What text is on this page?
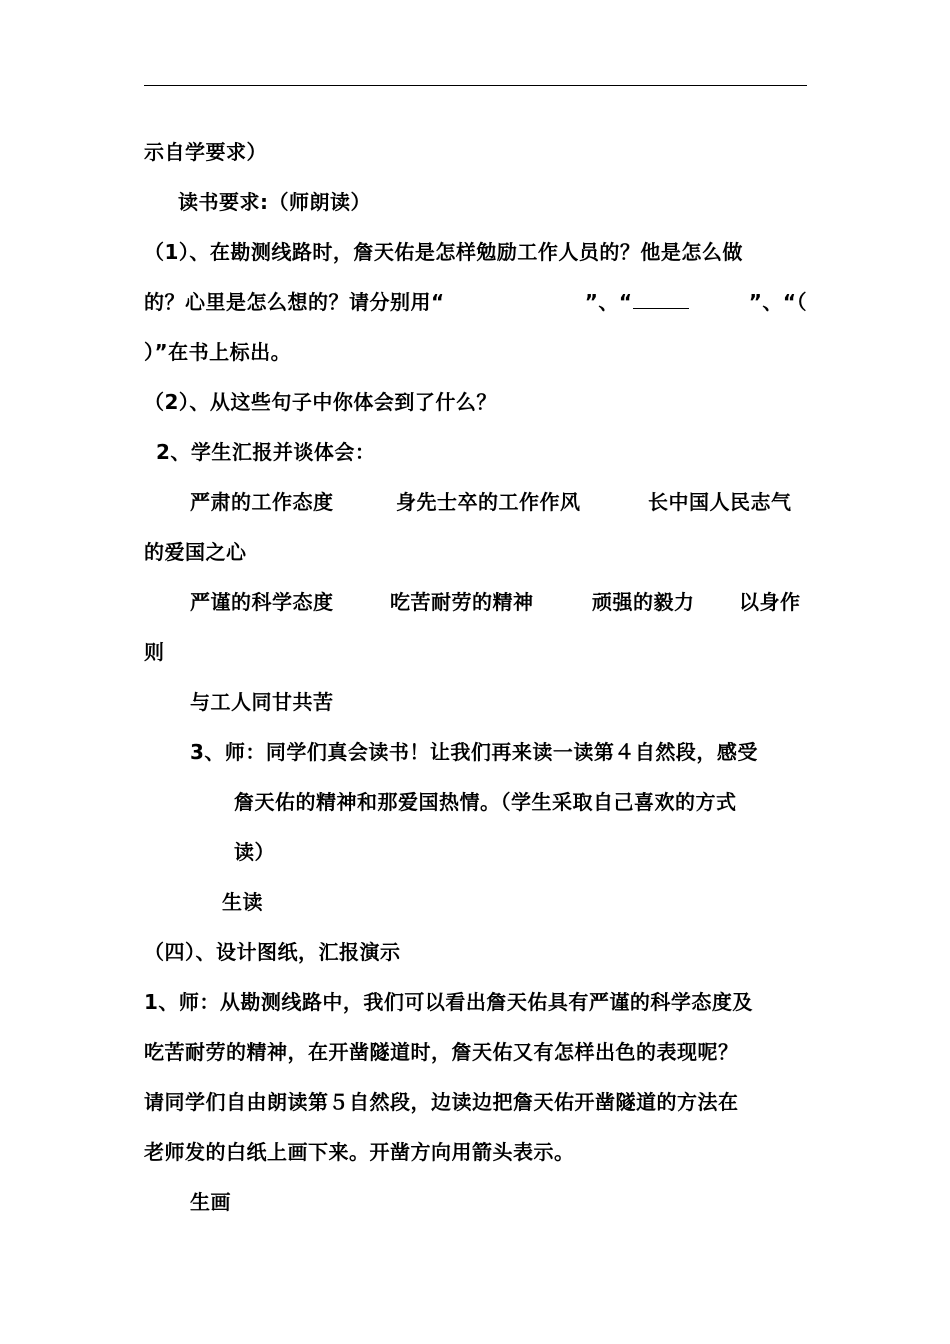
示自学要求）
读书要求:（师朗读）
（1）、在勘测线路时，詹天佑是怎样勉励工作人员的？他是怎么做
的？心里是怎么想的？请分别用“	”、“	”、“（
）”在书上标出。
（2）、从这些句子中你体会到了什么？
2、学生汇报并谈体会：
严肃的工作态度	身先士卒的工作作风	长中国人民志气
的爱国之心
严谨的科学态度	吃苦耐劳的精神	顽强的毅力 以身作
则
与工人同甘共苦
3、师：同学们真会读书！让我们再来读一读第４自然段，感受
詹天佑的精神和那爱国热情。（学生采取自己喜欢的方式
读）
生读
（四）、设计图纸，汇报演示
1、师：从勘测线路中，我们可以看出詹天佑具有严谨的科学态度及
吃苦耐劳的精神，在开凿隧道时，詹天佑又有怎样出色的表现呢？
请同学们自由朗读第５自然段，边读边把詹天佑开凿隧道的方法在
老师发的白纸上画下来。开凿方向用箭头表示。
生画
